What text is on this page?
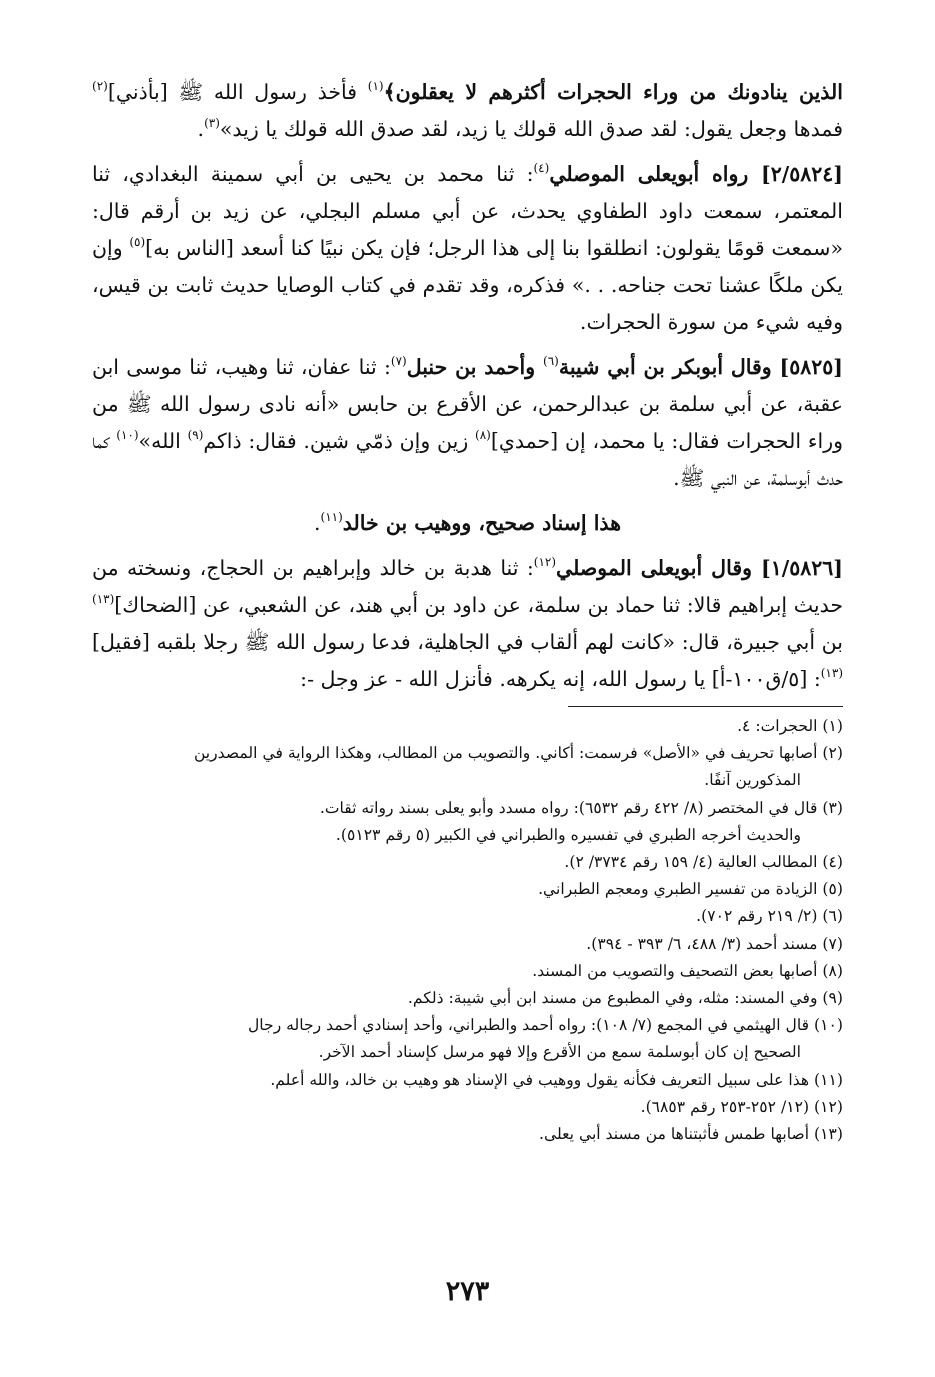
الذين ينادونك من وراء الحجرات أكثرهم لا يعقلون﴾$^{(١)}$ فأخذ رسول الله ﷺ [بأذني]$^{(٢)}$ فمدها وجعل يقول: لقد صدق الله قولك يا زيد، لقد صدق الله قولك يا زيد»$^{(٣)}$.

[٢/٥٨٢٤] رواه أبويعلى الموصلي$^{(٤)}$: ثنا محمد بن يحيى بن أبي سمينة البغدادي، ثنا المعتمر، سمعت داود الطفاوي يحدث، عن أبي مسلم البجلي، عن زيد بن أرقم قال: «سمعت قومًا يقولون: انطلقوا بنا إلى هذا الرجل؛ فإن يكن نبيًا كنا أسعد [الناس به]$^{(٥)}$ وإن يكن ملكًا عشنا تحت جناحه. . .» فذكره، وقد تقدم في كتاب الوصايا حديث ثابت بن قيس، وفيه شيء من سورة الحجرات.

[٥٨٢٥] وقال أبوبكر بن أبي شيبة$^{(٦)}$ وأحمد بن حنبل$^{(٧)}$: ثنا عفان، ثنا وهيب، ثنا موسى ابن عقبة، عن أبي سلمة بن عبدالرحمن، عن الأقرع بن حابس «أنه نادى رسول الله ﷺ من وراء الحجرات فقال: يا محمد، إن [حمدي]$^{(٨)}$ زين وإن ذمّي شين. فقال: ذاكم$^{(٩)}$ الله»$^{(١٠)}$ كما حدث أبوسلمة، عن النبي ﷺ.

هذا إسناد صحيح، ووهيب بن خالد$^{(١١)}$.

[١/٥٨٢٦] وقال أبويعلى الموصلي$^{(١٢)}$: ثنا هدبة بن خالد وإبراهيم بن الحجاج، ونسخته من حديث إبراهيم قالا: ثنا حماد بن سلمة، عن داود بن أبي هند، عن الشعبي، عن [الضحاك]$^{(١٣)}$ بن أبي جبيرة، قال: «كانت لهم ألقاب في الجاهلية، فدعا رسول الله ﷺ رجلا بلقبه [فقيل]$^{(١٣)}$: [٥/ق١٠٠-أ] يا رسول الله، إنه يكرهه. فأنزل الله - عز وجل -:

(١) الحجرات: ٤.
(٢) أصابها تحريف في «الأصل» فرسمت: أكاني. والتصويب من المطالب، وهكذا الرواية في المصدرين
المذكورين آنفًا.
(٣) قال في المختصر (٨/ ٤٢٢ رقم ٦٥٣٢): رواه مسدد وأبو يعلى بسند رواته ثقات.
والحديث أخرجه الطبري في تفسيره والطبراني في الكبير (٥ رقم ٥١٢٣).
(٤) المطالب العالية (٤/ ١٥٩ رقم ٣٧٣٤/ ٢).
(٥) الزيادة من تفسير الطبري ومعجم الطبراني.
(٦) (٢/ ٢١٩ رقم ٧٠٢).
(٧) مسند أحمد (٣/ ٤٨٨، ٦/ ٣٩٣ - ٣٩٤).
(٨) أصابها بعض التصحيف والتصويب من المسند.
(٩) وفي المسند: مثله، وفي المطبوع من مسند ابن أبي شيبة: ذلكم.
(١٠) قال الهيثمي في المجمع (٧/ ١٠٨): رواه أحمد والطبراني، وأحد إسنادي أحمد رجاله رجال
الصحيح إن كان أبوسلمة سمع من الأقرع وإلا فهو مرسل كإسناد أحمد الآخر.
(١١) هذا على سبيل التعريف فكأنه يقول ووهيب في الإسناد هو وهيب بن خالد، والله أعلم.
(١٢) (١٢/ ٢٥٢-٢٥٣ رقم ٦٨٥٣).
(١٣) أصابها طمس فأثبتناها من مسند أبي يعلى.
٢٧٣
